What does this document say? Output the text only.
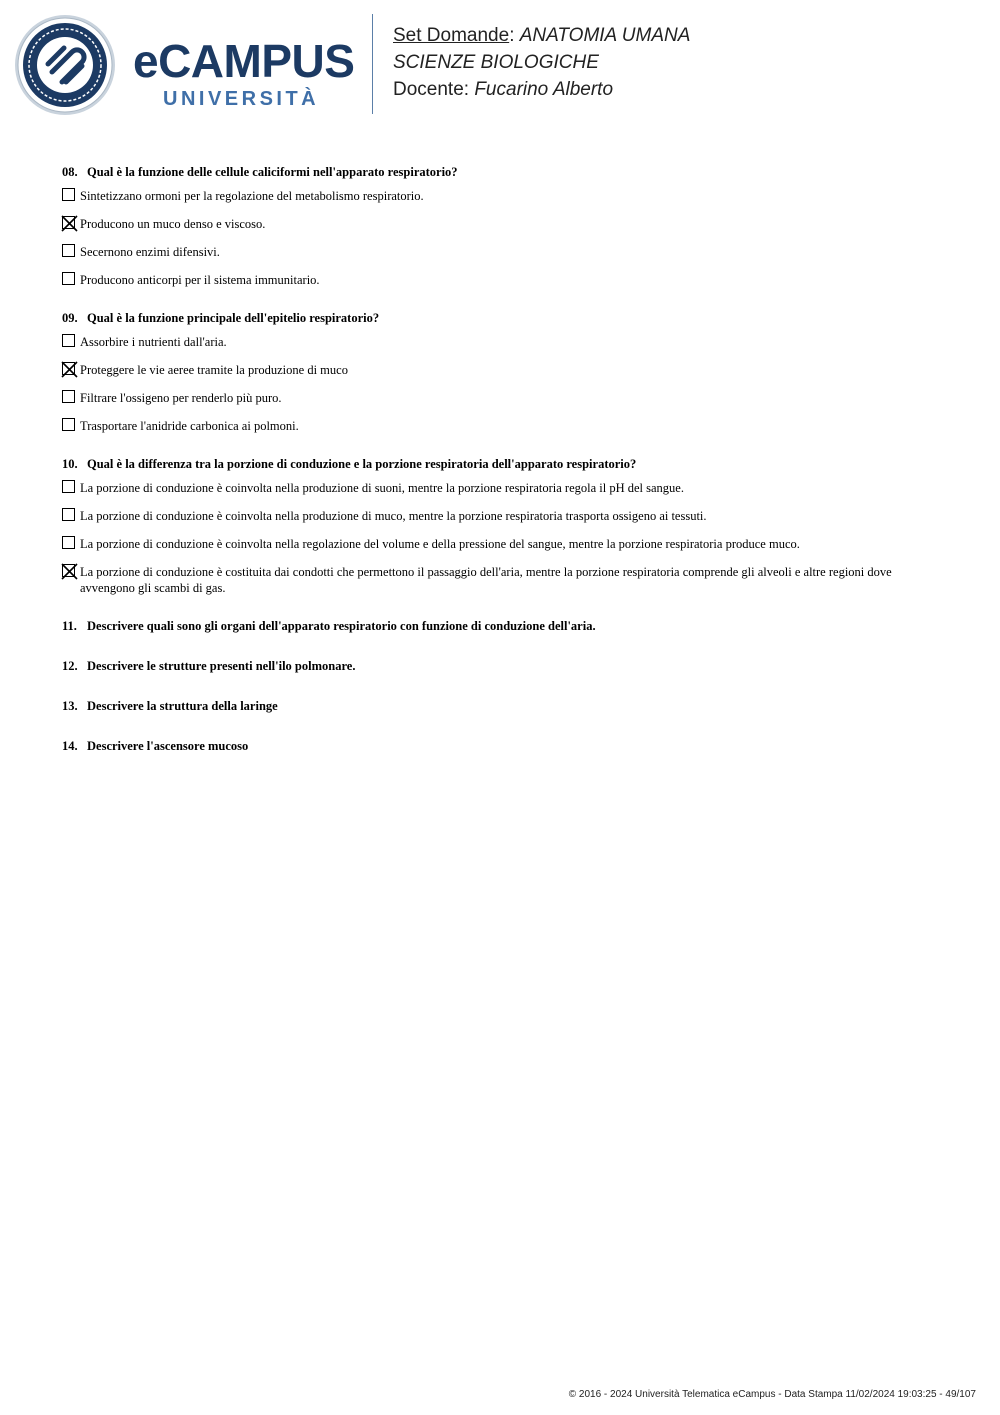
eCAMPUS
UNIVERSITÀ
Set Domande: ANATOMIA UMANA
SCIENZE BIOLOGICHE
Docente: Fucarino Alberto
08. Qual è la funzione delle cellule caliciformi nell'apparato respiratorio?
Sintetizzano ormoni per la regolazione del metabolismo respiratorio.
Producono un muco denso e viscoso.
Secernono enzimi difensivi.
Producono anticorpi per il sistema immunitario.
09. Qual è la funzione principale dell'epitelio respiratorio?
Assorbire i nutrienti dall'aria.
Proteggere le vie aeree tramite la produzione di muco
Filtrare l'ossigeno per renderlo più puro.
Trasportare l'anidride carbonica ai polmoni.
10. Qual è la differenza tra la porzione di conduzione e la porzione respiratoria dell'apparato respiratorio?
La porzione di conduzione è coinvolta nella produzione di suoni, mentre la porzione respiratoria regola il pH del sangue.
La porzione di conduzione è coinvolta nella produzione di muco, mentre la porzione respiratoria trasporta ossigeno ai tessuti.
La porzione di conduzione è coinvolta nella regolazione del volume e della pressione del sangue, mentre la porzione respiratoria produce muco.
La porzione di conduzione è costituita dai condotti che permettono il passaggio dell'aria, mentre la porzione respiratoria comprende gli alveoli e altre regioni dove avvengono gli scambi di gas.
11. Descrivere quali sono gli organi dell'apparato respiratorio con funzione di conduzione dell'aria.
12. Descrivere le strutture presenti nell'ilo polmonare.
13. Descrivere la struttura della laringe
14. Descrivere l'ascensore mucoso
© 2016 - 2024 Università Telematica eCampus - Data Stampa 11/02/2024 19:03:25 - 49/107
